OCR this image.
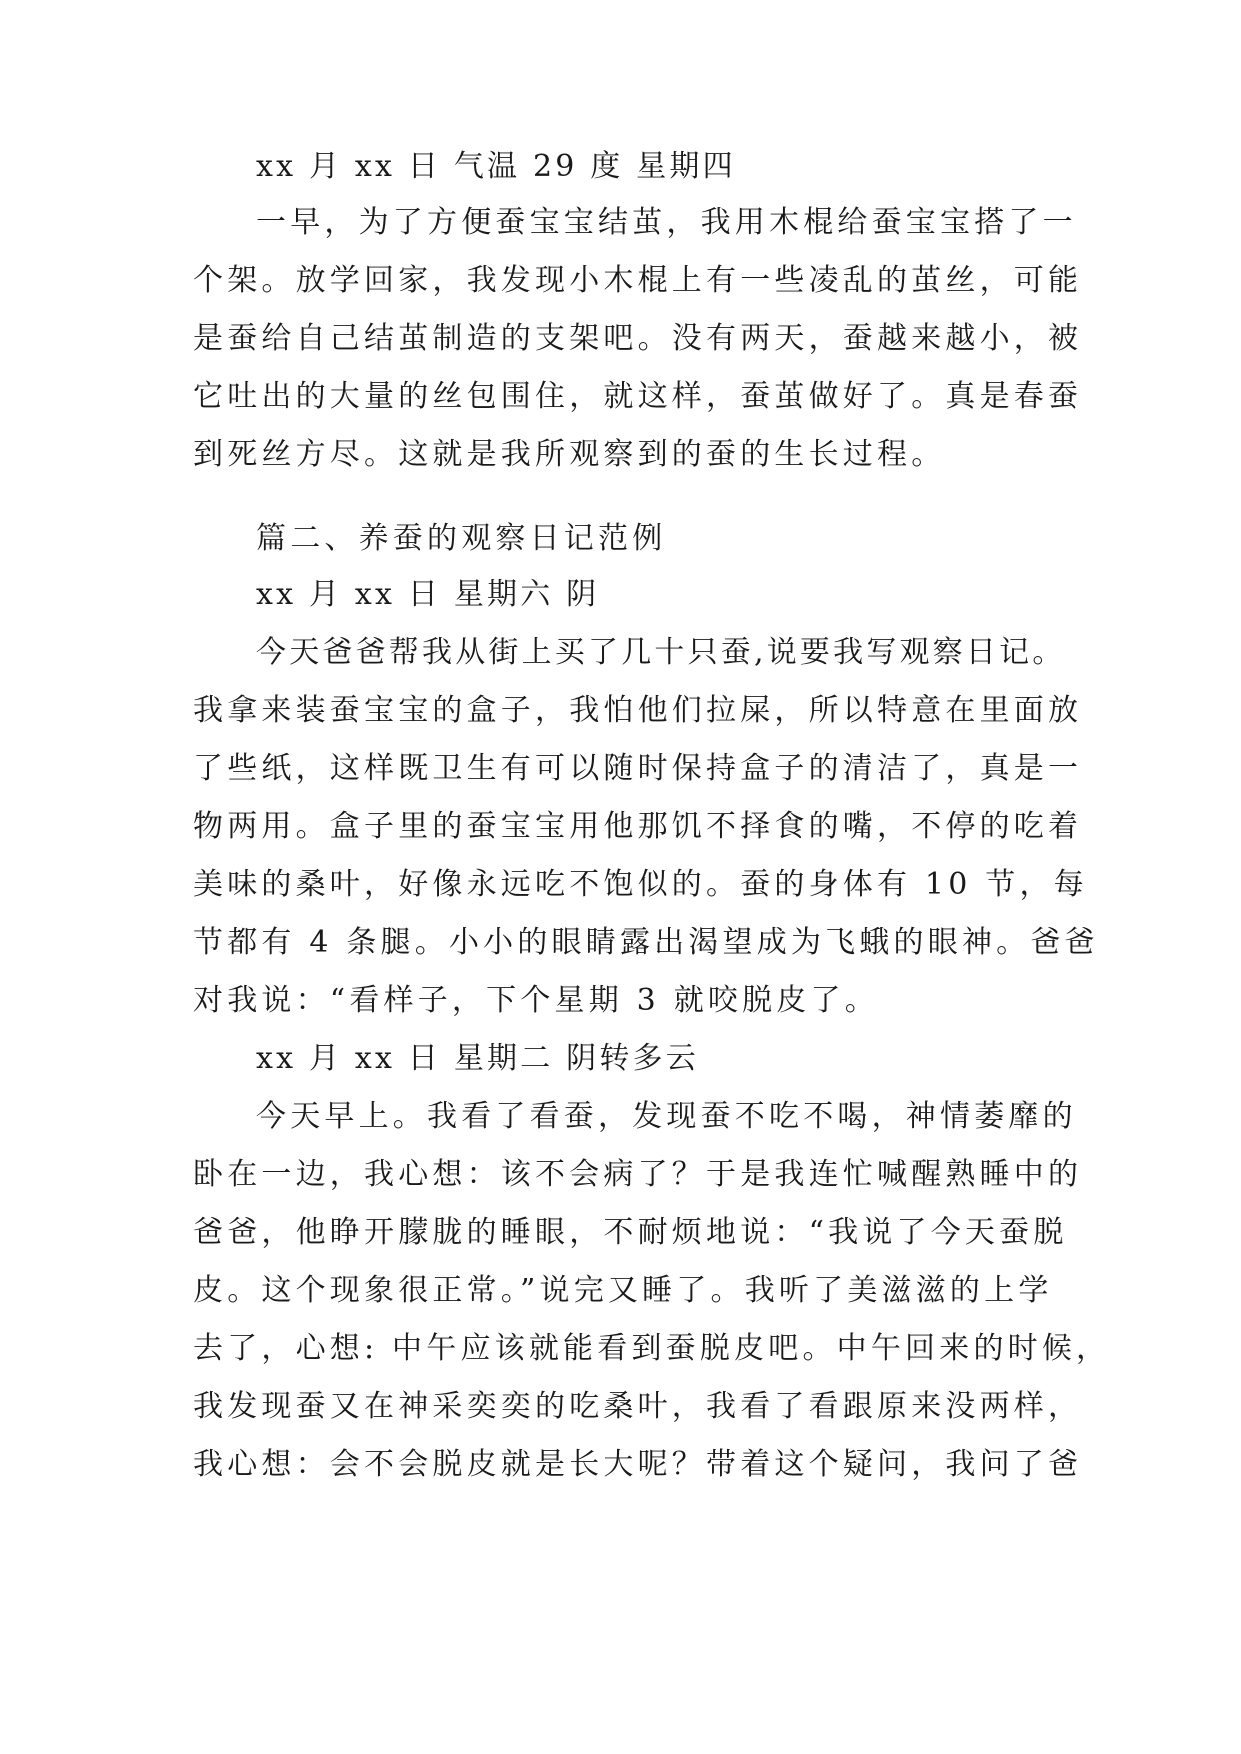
xx 月 xx 日 气温 29 度 星期四
一早，为了方便蚕宝宝结茧，我用木棍给蚕宝宝搭了一
个架。放学回家，我发现小木棍上有一些凌乱的茧丝，可能
是蚕给自己结茧制造的支架吧。没有两天，蚕越来越小，被
它吐出的大量的丝包围住，就这样，蚕茧做好了。真是春蚕
到死丝方尽。这就是我所观察到的蚕的生长过程。
篇二、养蚕的观察日记范例
xx 月 xx 日 星期六 阴
今天爸爸帮我从街上买了几十只蚕,说要我写观察日记。
我拿来装蚕宝宝的盒子，我怕他们拉屎，所以特意在里面放
了些纸，这样既卫生有可以随时保持盒子的清洁了，真是一
物两用。盒子里的蚕宝宝用他那饥不择食的嘴，不停的吃着
美味的桑叶，好像永远吃不饱似的。蚕的身体有 10 节，每
节都有 4 条腿。小小的眼睛露出渴望成为飞蛾的眼神。爸爸
对我说：“看样子，下个星期 3 就咬脱皮了。
xx 月 xx 日 星期二 阴转多云
今天早上。我看了看蚕，发现蚕不吃不喝，神情萎靡的
卧在一边，我心想：该不会病了？于是我连忙喊醒熟睡中的
爸爸，他睁开朦胧的睡眼，不耐烦地说：“我说了今天蚕脱
皮。这个现象很正常。”说完又睡了。我听了美滋滋的上学
去了，心想: 中午应该就能看到蚕脱皮吧。中午回来的时候，
我发现蚕又在神采奕奕的吃桑叶，我看了看跟原来没两样，
我心想：会不会脱皮就是长大呢？带着这个疑问，我问了爸
